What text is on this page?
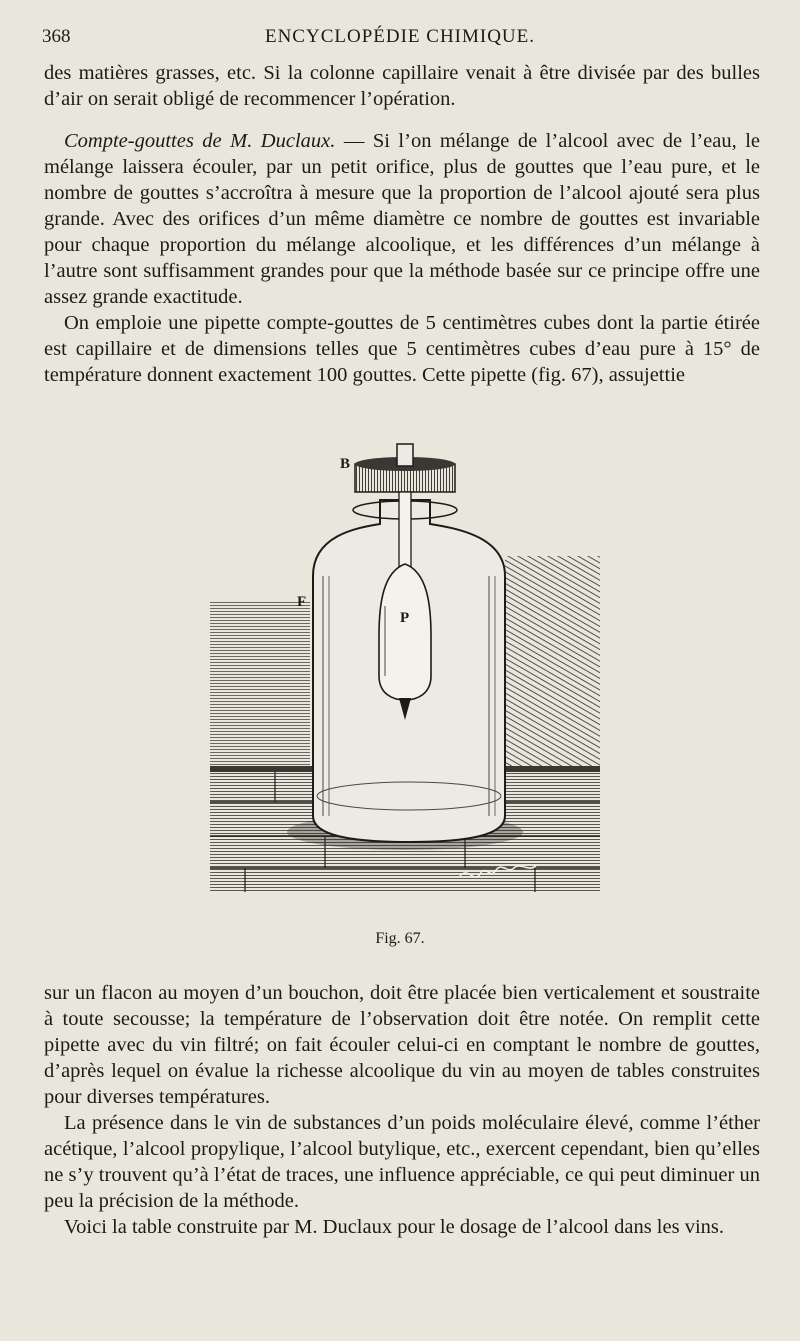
368	ENCYCLOPÉDIE CHIMIQUE.

des matières grasses, etc. Si la colonne capillaire venait à être divisée par des bulles d’air on serait obligé de recommencer l’opération.

Compte-gouttes de M. Duclaux. — Si l’on mélange de l’alcool avec de l’eau, le mélange laissera écouler, par un petit orifice, plus de gouttes que l’eau pure, et le nombre de gouttes s’accroîtra à mesure que la proportion de l’alcool ajouté sera plus grande. Avec des orifices d’un même diamètre ce nombre de gouttes est invariable pour chaque proportion du mélange alcoolique, et les différences d’un mélange à l’autre sont suffisamment grandes pour que la méthode basée sur ce principe offre une assez grande exactitude.

On emploie une pipette compte-gouttes de 5 centimètres cubes dont la partie étirée est capillaire et de dimensions telles que 5 centimètres cubes d’eau pure à 15° de température donnent exactement 100 gouttes. Cette pipette (fig. 67), assujettie

B
F
P
Fig. 67.

sur un flacon au moyen d’un bouchon, doit être placée bien verticalement et soustraite à toute secousse; la température de l’observation doit être notée. On remplit cette pipette avec du vin filtré; on fait écouler celui-ci en comptant le nombre de gouttes, d’après lequel on évalue la richesse alcoolique du vin au moyen de tables construites pour diverses températures.

La présence dans le vin de substances d’un poids moléculaire élevé, comme l’éther acétique, l’alcool propylique, l’alcool butylique, etc., exercent cependant, bien qu’elles ne s’y trouvent qu’à l’état de traces, une influence appréciable, ce qui peut diminuer un peu la précision de la méthode.

Voici la table construite par M. Duclaux pour le dosage de l’alcool dans les vins.
